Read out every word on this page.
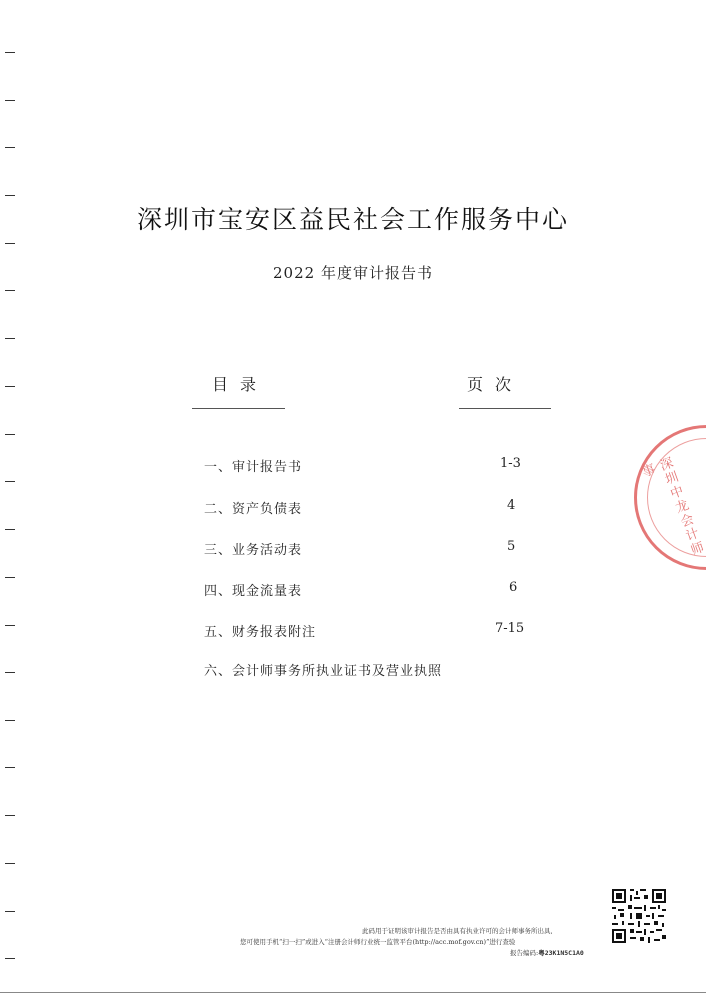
深圳市宝安区益民社会工作服务中心
2022 年度审计报告书
目录	页次
一、审计报告书	1-3
二、资产负债表	4
三、业务活动表	5
四、现金流量表	6
五、财务报表附注	7-15
六、会计师事务所执业证书及营业执照
深圳中龙会计师事
此码用于证明该审计报告是否由具有执业许可的会计师事务所出具,
您可使用手机“扫一扫”或进入“注册会计师行业统一监管平台(http://acc.mof.gov.cn)”进行查验
报告编码:粤23K1N5C1A0
